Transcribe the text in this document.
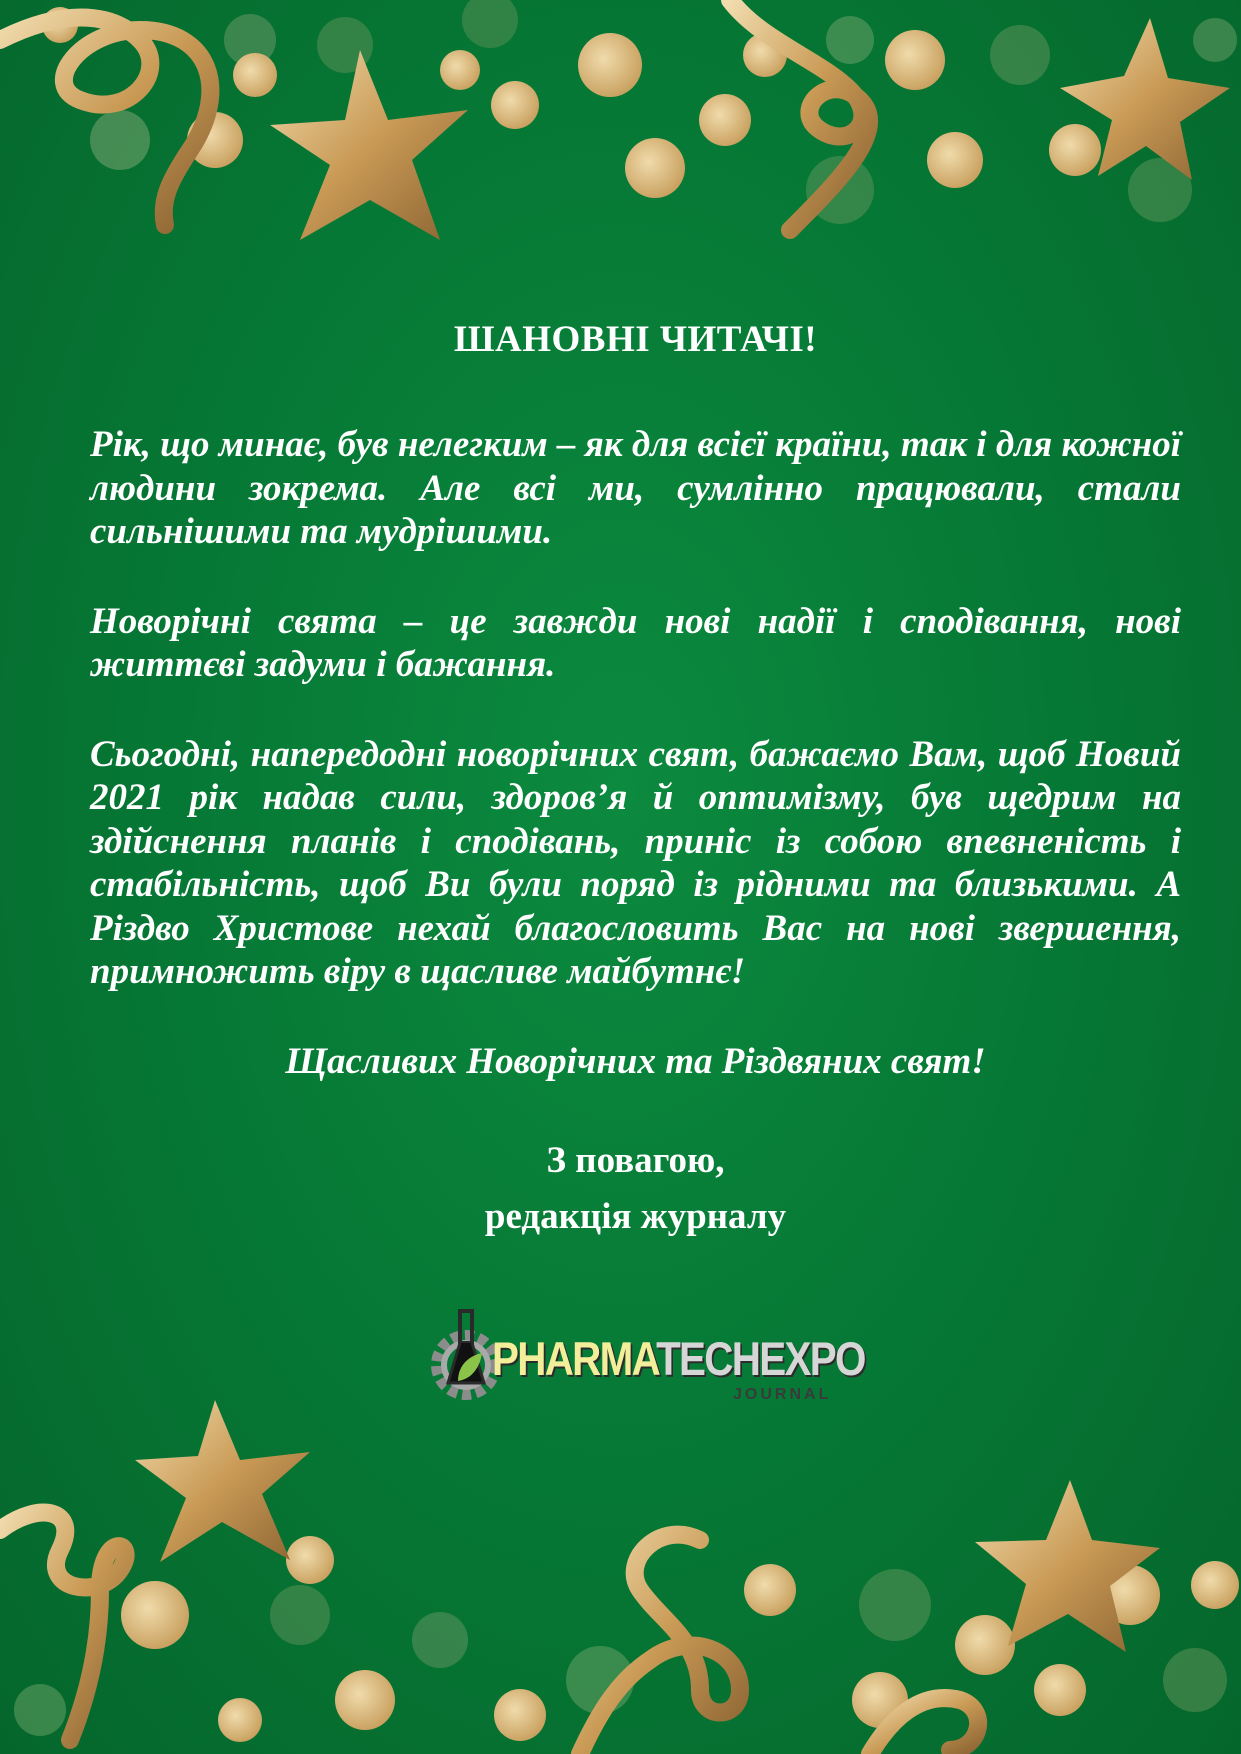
ШАНОВНІ ЧИТАЧІ!

Рік, що минає, був нелегким – як для всієї країни, так і для кожної людини зокрема. Але всі ми, сумлінно працювали, стали сильнішими та мудрішими.

Новорічні свята – це завжди нові надії і сподівання, нові життєві задуми і бажання.

Сьогодні, напередодні новорічних свят, бажаємо Вам, щоб Новий 2021 рік надав сили, здоров’я й оптимізму, був щедрим на здійснення планів і сподівань, приніс із собою впевненість і стабільність, щоб Ви були поряд із рідними та близькими. А Різдво Христове нехай благословить Вас на нові звершення, примножить віру в щасливе майбутнє!

Щасливих Новорічних та Різдвяних свят!

З повагою,

редакція журналу

PHARMATECHEXPO
JOURNAL
